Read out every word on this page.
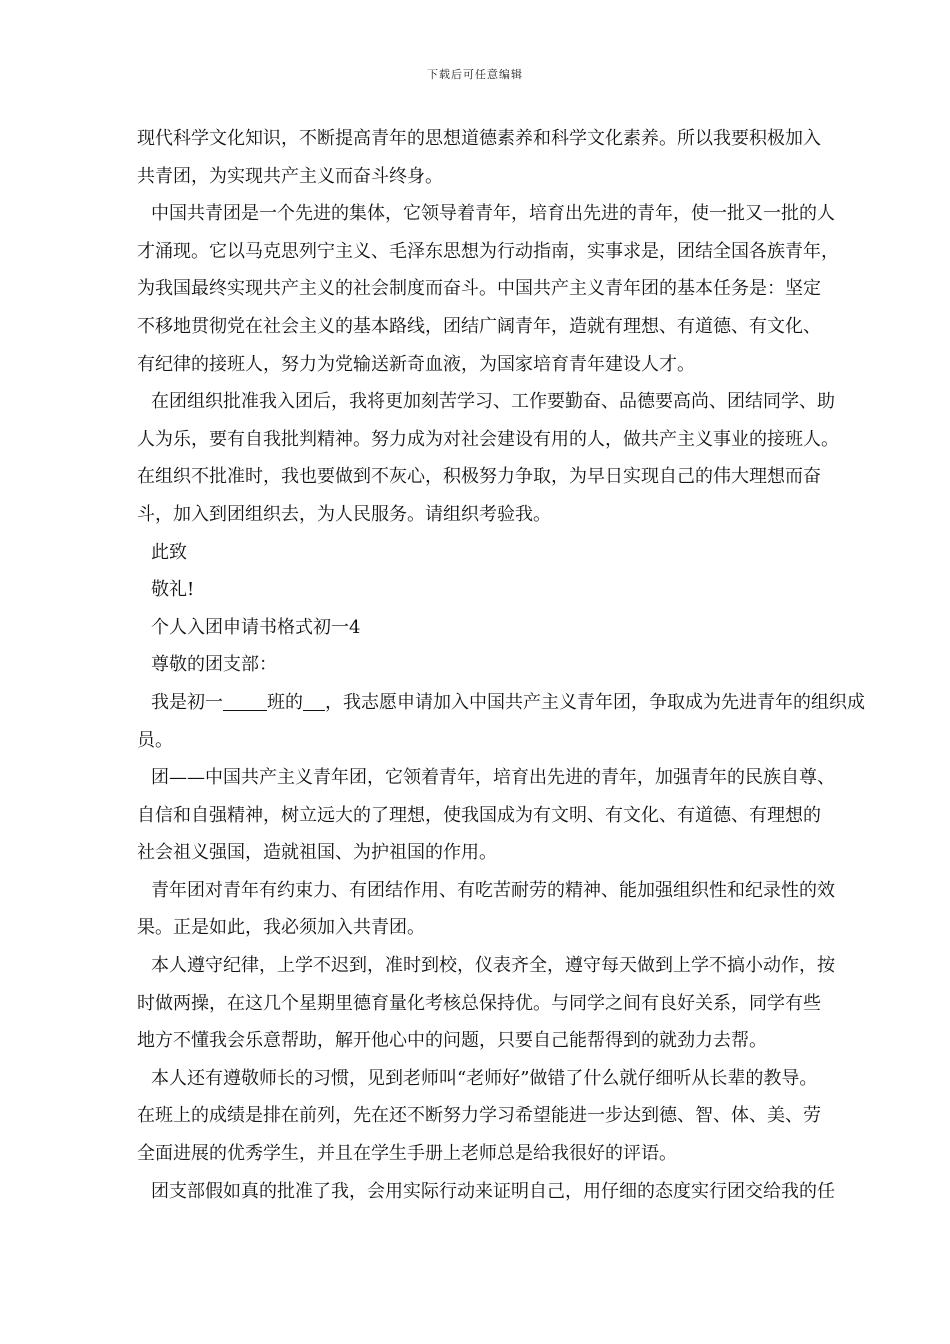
下载后可任意编辑
现代科学文化知识，不断提高青年的思想道德素养和科学文化素养。所以我要积极加入
共青团，为实现共产主义而奋斗终身。
中国共青团是一个先进的集体，它领导着青年，培育出先进的青年，使一批又一批的人
才涌现。它以马克思列宁主义、毛泽东思想为行动指南，实事求是，团结全国各族青年，
为我国最终实现共产主义的社会制度而奋斗。中国共产主义青年团的基本任务是：坚定
不移地贯彻党在社会主义的基本路线，团结广阔青年，造就有理想、有道德、有文化、
有纪律的接班人，努力为党输送新奇血液，为国家培育青年建设人才。
在团组织批准我入团后，我将更加刻苦学习、工作要勤奋、品德要高尚、团结同学、助
人为乐，要有自我批判精神。努力成为对社会建设有用的人，做共产主义事业的接班人。
在组织不批准时，我也要做到不灰心，积极努力争取，为早日实现自己的伟大理想而奋
斗，加入到团组织去，为人民服务。请组织考验我。
此致
敬礼!
个人入团申请书格式初一4
尊敬的团支部：
我是初一 班的 ，我志愿申请加入中国共产主义青年团，争取成为先进青年的组织成
员。
团——中国共产主义青年团，它领着青年，培育出先进的青年，加强青年的民族自尊、
自信和自强精神，树立远大的了理想，使我国成为有文明、有文化、有道德、有理想的
社会祖义强国，造就祖国、为护祖国的作用。
青年团对青年有约束力、有团结作用、有吃苦耐劳的精神、能加强组织性和纪录性的效
果。正是如此，我必须加入共青团。
本人遵守纪律，上学不迟到，准时到校，仪表齐全，遵守每天做到上学不搞小动作，按
时做两操，在这几个星期里德育量化考核总保持优。与同学之间有良好关系，同学有些
地方不懂我会乐意帮助，解开他心中的问题，只要自己能帮得到的就劲力去帮。
本人还有遵敬师长的习惯，见到老师叫“老师好”做错了什么就仔细听从长辈的教导。
在班上的成绩是排在前列，先在还不断努力学习希望能进一步达到德、智、体、美、劳
全面进展的优秀学生，并且在学生手册上老师总是给我很好的评语。
团支部假如真的批准了我，会用实际行动来证明自己，用仔细的态度实行团交给我的任
